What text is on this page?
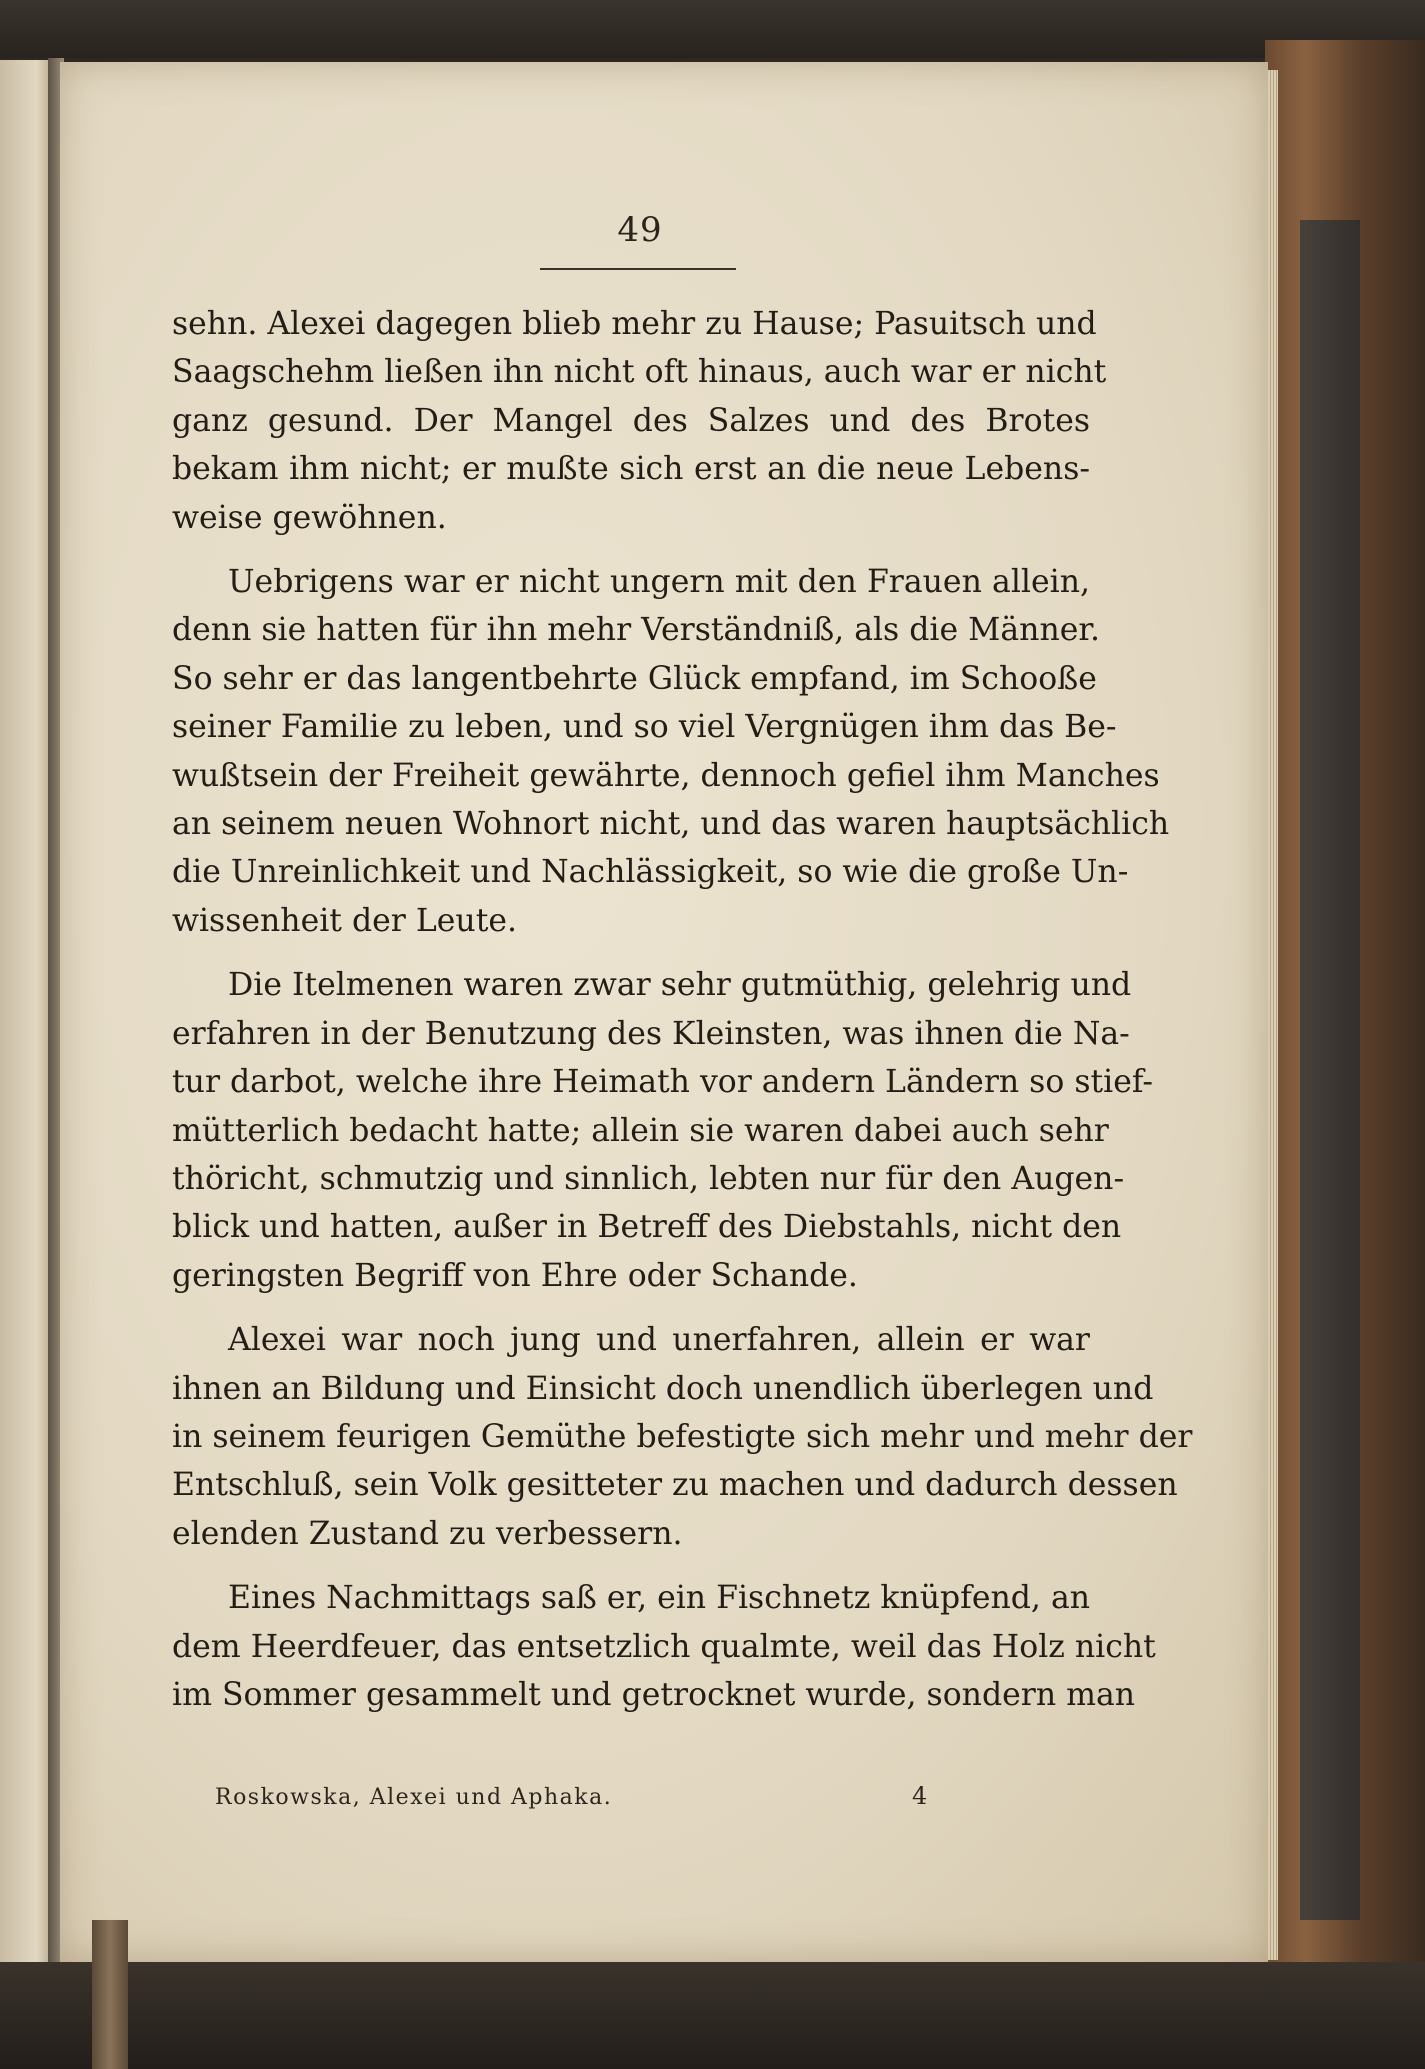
49
sehn. Alexei dagegen blieb mehr zu Hause; Pasuitsch und
Saagschehm ließen ihn nicht oft hinaus, auch war er nicht
ganz gesund. Der Mangel des Salzes und des Brotes
bekam ihm nicht; er mußte sich erst an die neue Lebens-
weise gewöhnen.
Uebrigens war er nicht ungern mit den Frauen allein,
denn sie hatten für ihn mehr Verständniß, als die Männer.
So sehr er das langentbehrte Glück empfand, im Schooße
seiner Familie zu leben, und so viel Vergnügen ihm das Be-
wußtsein der Freiheit gewährte, dennoch gefiel ihm Manches
an seinem neuen Wohnort nicht, und das waren hauptsächlich
die Unreinlichkeit und Nachlässigkeit, so wie die große Un-
wissenheit der Leute.
Die Itelmenen waren zwar sehr gutmüthig, gelehrig und
erfahren in der Benutzung des Kleinsten, was ihnen die Na-
tur darbot, welche ihre Heimath vor andern Ländern so stief-
mütterlich bedacht hatte; allein sie waren dabei auch sehr
thöricht, schmutzig und sinnlich, lebten nur für den Augen-
blick und hatten, außer in Betreff des Diebstahls, nicht den
geringsten Begriff von Ehre oder Schande.
Alexei war noch jung und unerfahren, allein er war
ihnen an Bildung und Einsicht doch unendlich überlegen und
in seinem feurigen Gemüthe befestigte sich mehr und mehr der
Entschluß, sein Volk gesitteter zu machen und dadurch dessen
elenden Zustand zu verbessern.
Eines Nachmittags saß er, ein Fischnetz knüpfend, an
dem Heerdfeuer, das entsetzlich qualmte, weil das Holz nicht
im Sommer gesammelt und getrocknet wurde, sondern man
Roskowska, Alexei und Aphaka.	4
